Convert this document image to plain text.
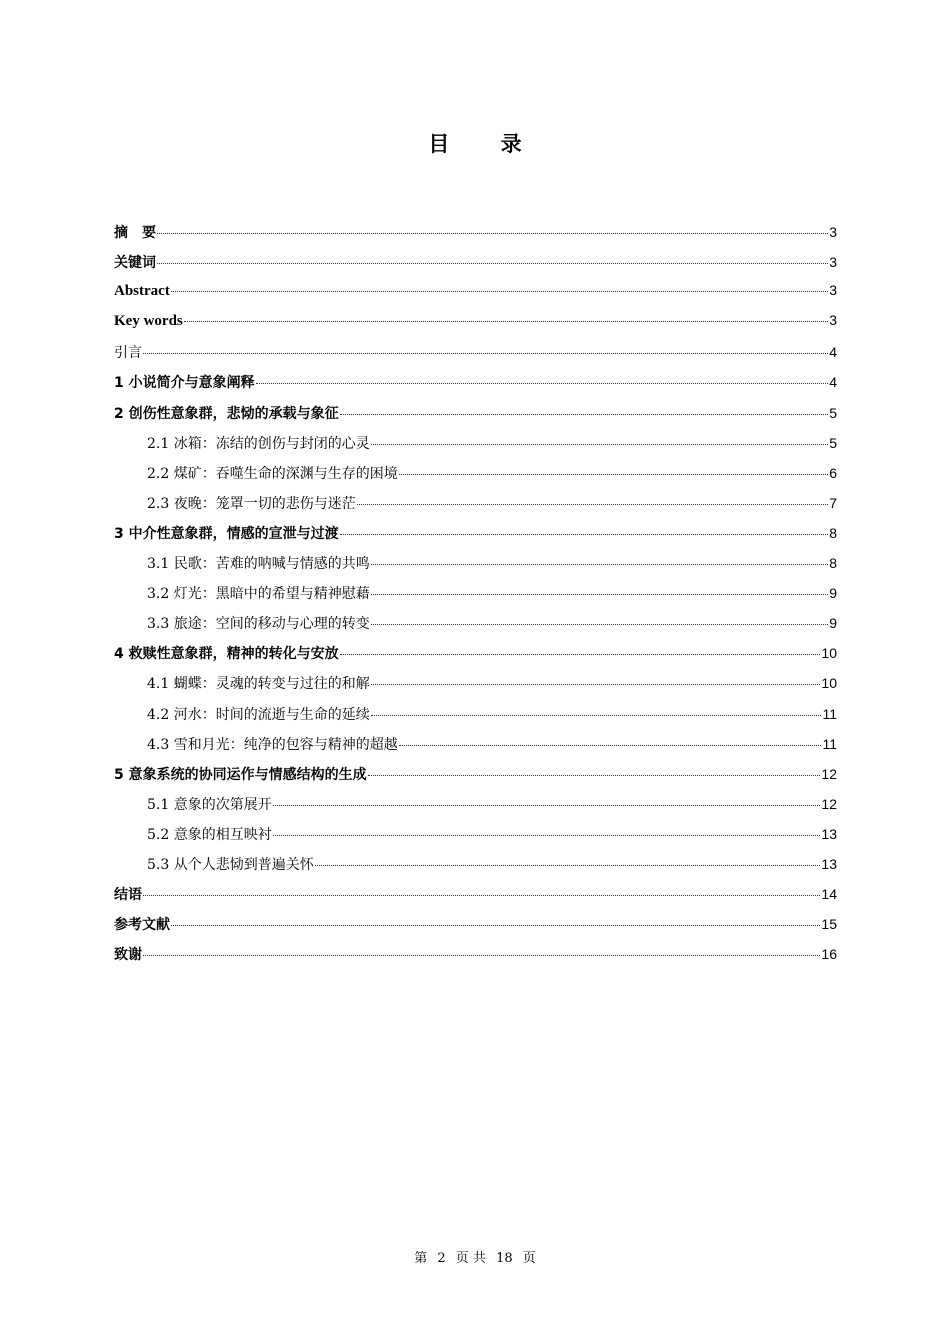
目 录
摘　要	3
关键词	3
Abstract	3
Key words	3
引言	4
1 小说简介与意象阐释	4
2 创伤性意象群，悲恸的承载与象征	5
2.1 冰箱：冻结的创伤与封闭的心灵	5
2.2 煤矿：吞噬生命的深渊与生存的困境	6
2.3 夜晚：笼罩一切的悲伤与迷茫	7
3 中介性意象群，情感的宣泄与过渡	8
3.1 民歌：苦难的呐喊与情感的共鸣	8
3.2 灯光：黑暗中的希望与精神慰藉	9
3.3 旅途：空间的移动与心理的转变	9
4 救赎性意象群，精神的转化与安放	10
4.1 蝴蝶：灵魂的转变与过往的和解	10
4.2 河水：时间的流逝与生命的延续	11
4.3 雪和月光：纯净的包容与精神的超越	11
5 意象系统的协同运作与情感结构的生成	12
5.1 意象的次第展开	12
5.2 意象的相互映衬	13
5.3 从个人悲恸到普遍关怀	13
结语	14
参考文献	15
致谢	16
第 2 页 共 18 页
